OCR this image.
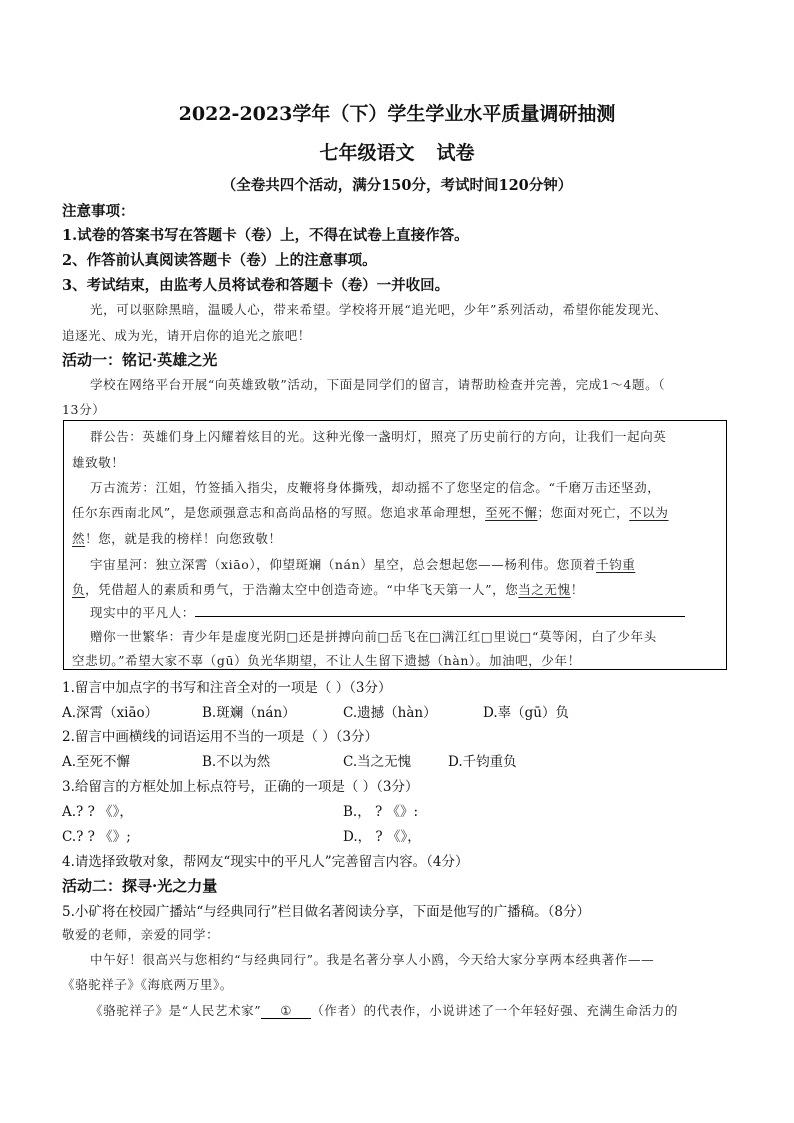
2022-2023学年（下）学生学业水平质量调研抽测
七年级语文 试卷
（全卷共四个活动，满分150分，考试时间120分钟）
注意事项：
1.试卷的答案书写在答题卡（卷）上，不得在试卷上直接作答。
2、作答前认真阅读答题卡（卷）上的注意事项。
3、考试结束，由监考人员将试卷和答题卡（卷）一并收回。
光，可以驱除黑暗，温暖人心，带来希望。学校将开展“追光吧，少年”系列活动，希望你能发现光、
追逐光、成为光，请开启你的追光之旅吧！
活动一：铭记·英雄之光
学校在网络平台开展“向英雄致敬”活动，下面是同学们的留言，请帮助检查并完善，完成1～4题。（
13分）
群公告：英雄们身上闪耀着炫目的光。这种光像一盏明灯，照亮了历史前行的方向，让我们一起向英
雄致敬！
万古流芳：江姐，竹签插入指尖，皮鞭将身体撕残，却动摇不了您坚定的信念。“千磨万击还坚劲，
任尔东西南北风”，是您顽强意志和高尚品格的写照。您追求革命理想，至死不懈；您面对死亡，不以为
然！您，就是我的榜样！向您致敬！
宇宙星河：独立深霄（xiāo），仰望斑斓（nán）星空，总会想起您——杨利伟。您顶着千钧重
负，凭借超人的素质和勇气，于浩瀚太空中创造奇迹。“中华飞天第一人”，您当之无愧！
现实中的平凡人：
赠你一世繁华：青少年是虚度光阴□还是拼搏向前□岳飞在□满江红□里说□“莫等闲，白了少年头
空悲切。”希望大家不辜（gū）负光华期望，不让人生留下遗撼（hàn）。加油吧，少年！
1.留言中加点字的书写和注音全对的一项是（ ）（3分）
A.深霄（xiāo）	B.斑斓（nán）	C.遗撼（hàn）	D.辜（gū）负
2.留言中画横线的词语运用不当的一项是（ ）（3分）
A.至死不懈	B.不以为然	C.当之无愧	D.千钧重负
3.给留言的方框处加上标点符号，正确的一项是（ ）（3分）
A.? ? 《》，	B.， ? 《》:
C.? ? 《》;	D.， ? 《》，
4.请选择致敬对象，帮网友“现实中的平凡人”完善留言内容。（4分）
活动二：探寻·光之力量
5.小矿将在校园广播站“与经典同行”栏目做名著阅读分享，下面是他写的广播稿。（8分）
敬爱的老师，亲爱的同学：
中午好！很高兴与您相约“与经典同行”。我是名著分享人小鸥，今天给大家分享两本经典著作——
《骆驼祥子》《海底两万里》。
《骆驼祥子》是“人民艺术家” ① （作者）的代表作，小说讲述了一个年轻好强、充满生命活力的
